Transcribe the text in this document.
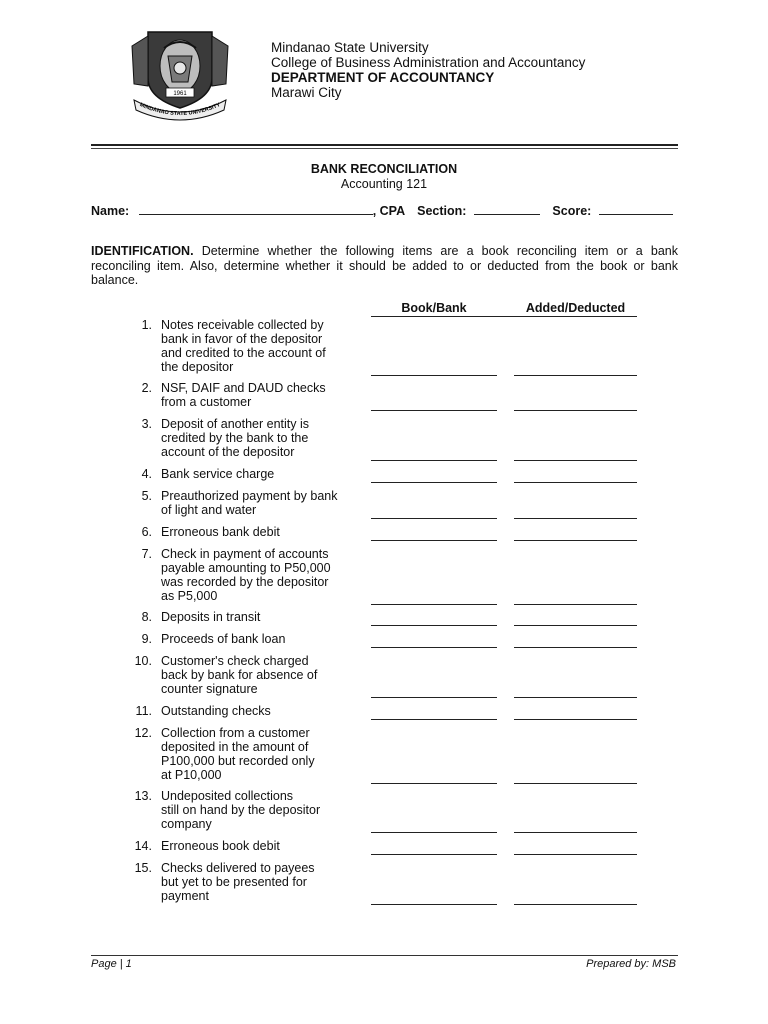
1961
MINDANAO STATE UNIVERSITY
Mindanao State University
College of Business Administration and Accountancy
DEPARTMENT OF ACCOUNTANCY
Marawi City
BANK RECONCILIATION
Accounting 121
Name:	, CPA Section:	Score:
IDENTIFICATION. Determine whether the following items are a book reconciling item or a bank reconciling item. Also, determine whether it should be added to or deducted from the book or bank balance.
Book/Bank	Added/Deducted
1. Notes receivable collected by
bank in favor of the depositor
and credited to the account of
the depositor
2. NSF, DAIF and DAUD checks
from a customer
3. Deposit of another entity is
credited by the bank to the
account of the depositor
4. Bank service charge
5. Preauthorized payment by bank
of light and water
6. Erroneous bank debit
7. Check in payment of accounts
payable amounting to P50,000
was recorded by the depositor
as P5,000
8. Deposits in transit
9. Proceeds of bank loan
10. Customer's check charged
back by bank for absence of
counter signature
11. Outstanding checks
12. Collection from a customer
deposited in the amount of
P100,000 but recorded only
at P10,000
13. Undeposited collections
still on hand by the depositor
company
14. Erroneous book debit
15. Checks delivered to payees
but yet to be presented for
payment
Page | 1	Prepared by: MSB
